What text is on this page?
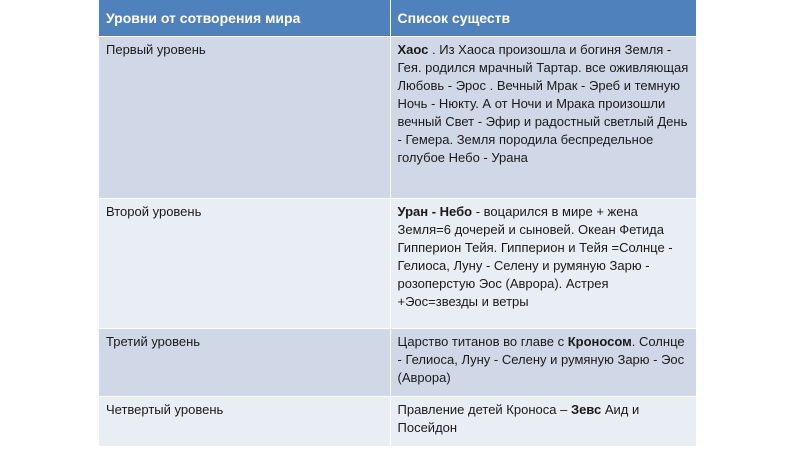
Уровни от сотворения мира	Список существ
Первый уровень	Хаос . Из Хаоса произошла и богиня Земля - Гея. родился мрачный Тартар. все оживляющая Любовь - Эрос . Вечный Мрак - Эреб и темную Ночь - Нюкту. А от Ночи и Мрака произошли вечный Свет - Эфир и радостный светлый День - Гемера. Земля породила беспредельное голубое Небо - Урана
Второй уровень	Уран - Небо - воцарился в мире + жена Земля=6 дочерей и сыновей. Океан Фетида Гипперион Тейя. Гипперион и Тейя =Солнце - Гелиоса, Луну - Селену и румяную Зарю - розоперстую Эос (Аврора). Астрея +Эос=звезды и ветры
Третий уровень	Царство титанов во главе с Кроносом. Солнце - Гелиоса, Луну - Селену и румяную Зарю - Эос (Аврора)
Четвертый уровень	Правление детей Кроноса – Зевс Аид и Посейдон
